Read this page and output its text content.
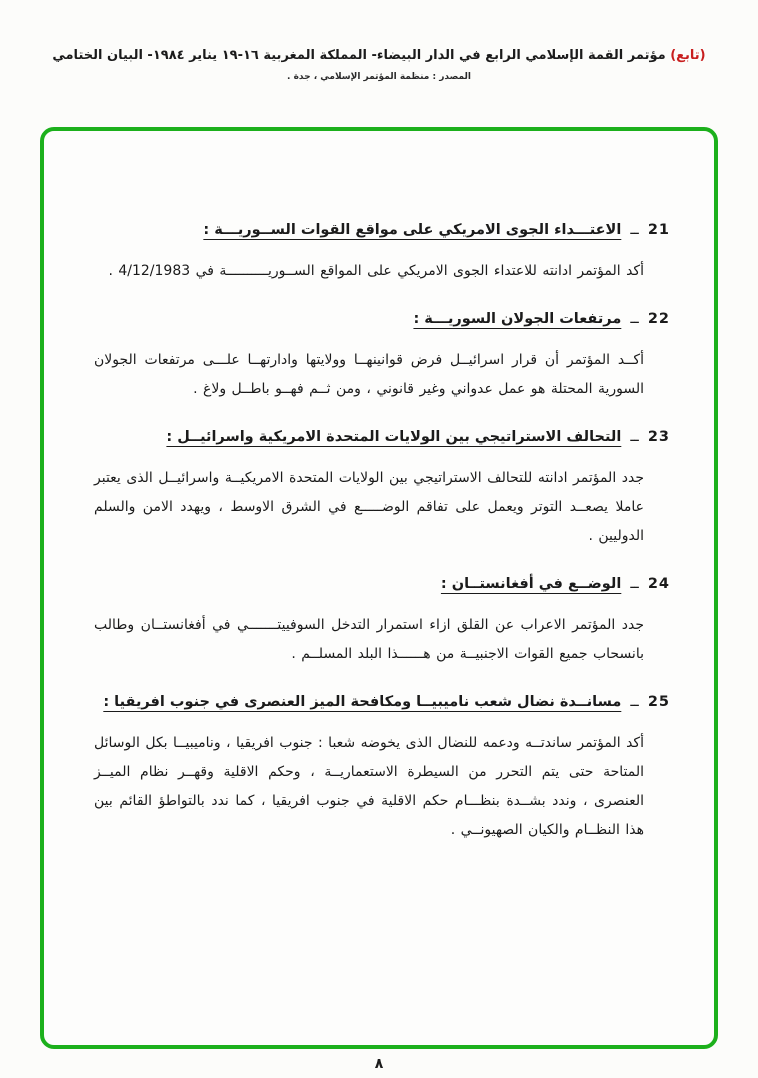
(تابع) مؤتمر القمة الإسلامي الرابع في الدار البيضاء- المملكة المغربية ١٦-١٩ يناير ١٩٨٤- البيان الختامي
المصدر : منظمة المؤتمر الإسلامي ، جدة .
21
ــ
الاعتـــداء الجوى الامريكي على مواقع القوات الســوريـــة :

أكد المؤتمر ادانته للاعتداء الجوى الامريكي على المواقع الســوريــــــــــة في 4/12/1983 .

22
ــ
مرتفعات الجولان السوريـــة :

أكــد المؤتمر أن قرار اسرائيــل فرض قوانينهــا وولايتها وادارتهــا علـــى مرتفعات الجولان السورية المحتلة هو عمل عدواني وغير قانوني ، ومن ثــم فهــو باطــل ولاغ .

23
ــ
التحالف الاستراتيجي بين الولايات المتحدة الامريكية واسرائيــل :

جدد المؤتمر ادانته للتحالف الاستراتيجي بين الولايات المتحدة الامريكيــة واسرائيــل الذى يعتبر عاملا يصعــد التوتر ويعمل على تفاقم الوضـــــع في الشرق الاوسط ، ويهدد الامن والسلم الدوليين .

24
ــ
الوضــع في أفغانستــان :

جدد المؤتمر الاعراب عن القلق ازاء استمرار التدخل السوفييتـــــــي في أفغانستــان وطالب بانسحاب جميع القوات الاجنبيــة من هــــــذا البلد المسلــم .

25
ــ
مسانــدة نضال شعب ناميبيــا ومكافحة الميز العنصرى في جنوب افريقيا :

أكد المؤتمر ساندتــه ودعمه للنضال الذى يخوضه شعبا : جنوب افريقيا ، وناميبيــا بكل الوسائل المتاحة حتى يتم التحرر من السيطرة الاستعماريــة ، وحكم الاقلية وقهــر نظام الميــز العنصرى ، وندد بشــدة بنظـــام حكم الاقلية في جنوب افريقيا ، كما ندد بالتواطؤ القائم بين هذا النظــام والكيان الصهيونــي .

٨
